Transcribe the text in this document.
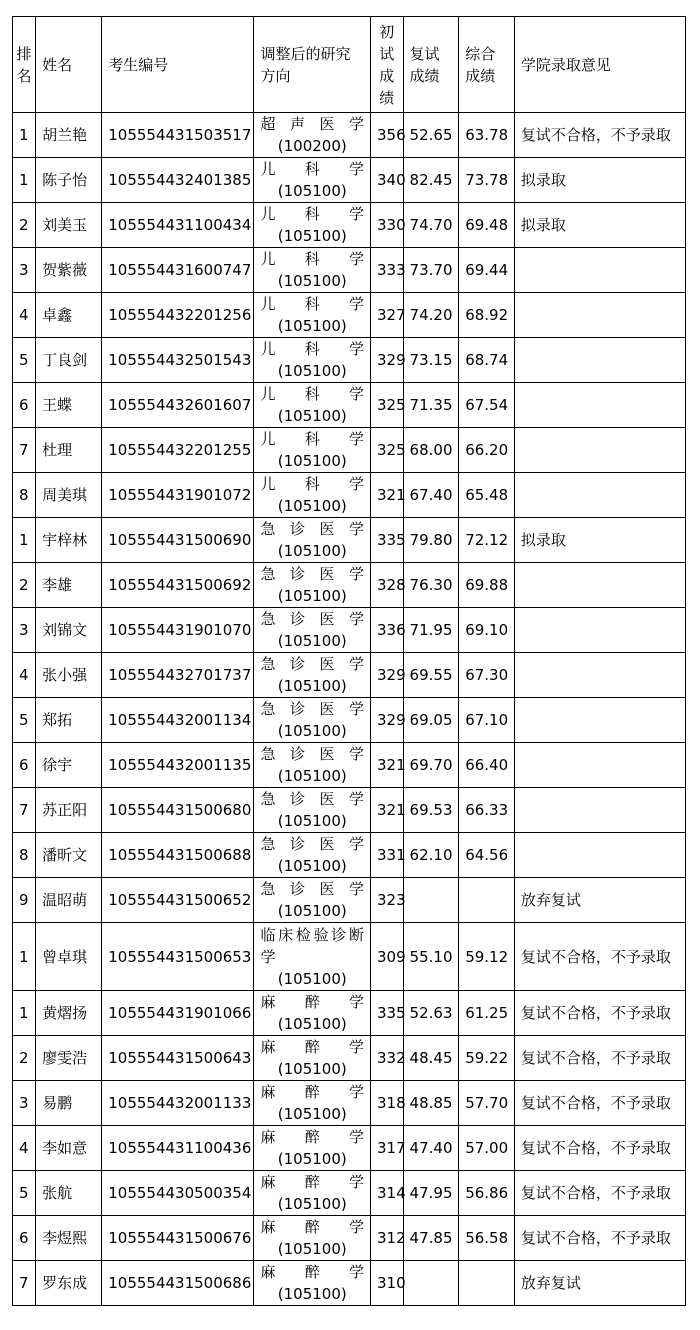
排名	姓名	考生编号	调整后的研究方向	初试成绩	复试成绩	综合成绩	学院录取意见
1	胡兰艳	105554431503517	超声医学
(100200)	356	52.65	63.78	复试不合格，不予录取
1	陈子怡	105554432401385	儿科学
(105100)	340	82.45	73.78	拟录取
2	刘美玉	105554431100434	儿科学
(105100)	330	74.70	69.48	拟录取
3	贺紫薇	105554431600747	儿科学
(105100)	333	73.70	69.44	
4	卓鑫	105554432201256	儿科学
(105100)	327	74.20	68.92	
5	丁良剑	105554432501543	儿科学
(105100)	329	73.15	68.74	
6	王蝶	105554432601607	儿科学
(105100)	325	71.35	67.54	
7	杜理	105554432201255	儿科学
(105100)	325	68.00	66.20	
8	周美琪	105554431901072	儿科学
(105100)	321	67.40	65.48	
1	宇梓林	105554431500690	急诊医学
(105100)	335	79.80	72.12	拟录取
2	李雄	105554431500692	急诊医学
(105100)	328	76.30	69.88	
3	刘锦文	105554431901070	急诊医学
(105100)	336	71.95	69.10	
4	张小强	105554432701737	急诊医学
(105100)	329	69.55	67.30	
5	郑拓	105554432001134	急诊医学
(105100)	329	69.05	67.10	
6	徐宇	105554432001135	急诊医学
(105100)	321	69.70	66.40	
7	苏正阳	105554431500680	急诊医学
(105100)	321	69.53	66.33	
8	潘昕文	105554431500688	急诊医学
(105100)	331	62.10	64.56	
9	温昭萌	105554431500652	急诊医学
(105100)	323			放弃复试
1	曾卓琪	105554431500653	临床检验诊断学
(105100)	309	55.10	59.12	复试不合格，不予录取
1	黄熠扬	105554431901066	麻醉学
(105100)	335	52.63	61.25	复试不合格，不予录取
2	廖雯浩	105554431500643	麻醉学
(105100)	332	48.45	59.22	复试不合格，不予录取
3	易鹏	105554432001133	麻醉学
(105100)	318	48.85	57.70	复试不合格，不予录取
4	李如意	105554431100436	麻醉学
(105100)	317	47.40	57.00	复试不合格，不予录取
5	张航	105554430500354	麻醉学
(105100)	314	47.95	56.86	复试不合格，不予录取
6	李煜熙	105554431500676	麻醉学
(105100)	312	47.85	56.58	复试不合格，不予录取
7	罗东成	105554431500686	麻醉学
(105100)	310			放弃复试
